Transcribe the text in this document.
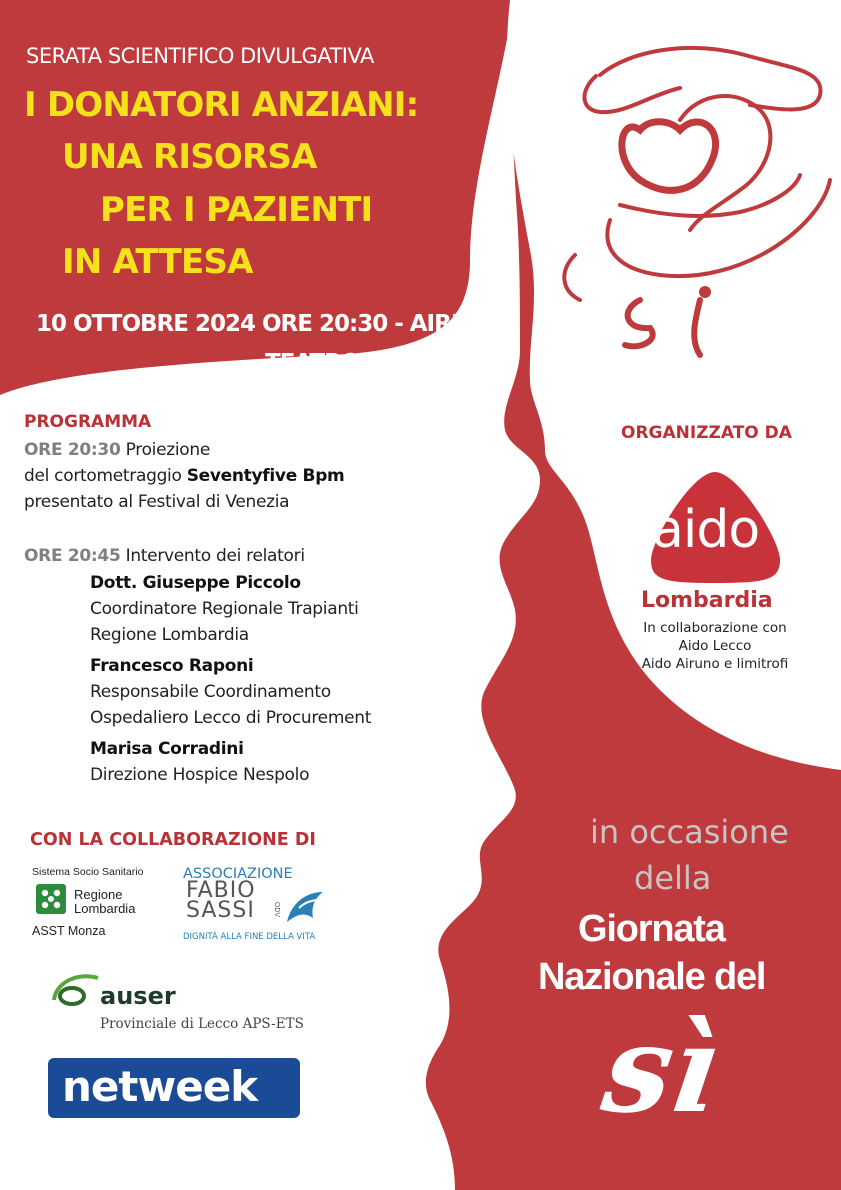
SERATA SCIENTIFICO DIVULGATIVA
I DONATORI ANZIANI:
UNA RISORSA
PER I PAZIENTI
IN ATTESA
10 OTTOBRE 2024 ORE 20:30 - AIRUNO
TEATRO SMERALDO
PROGRAMMA
ORE 20:30 Proiezione
del cortometraggio Seventyfive Bpm
presentato al Festival di Venezia
ORE 20:45 Intervento dei relatori
Dott. Giuseppe Piccolo
Coordinatore Regionale Trapianti
Regione Lombardia
Francesco Raponi
Responsabile Coordinamento
Ospedaliero Lecco di Procurement
Marisa Corradini
Direzione Hospice Nespolo
CON LA COLLABORAZIONE DI
Sistema Socio Sanitario
Regione
Lombardia
ASST Monza
ASSOCIAZIONE
FABIO
SASSI	ODV
DIGNITÀ ALLA FINE DELLA VITA
auser
Provinciale di Lecco APS-ETS
netweek
ORGANIZZATO DA
aido
Lombardia
In collaborazione con
Aido Lecco
Aido Airuno e limitrofi
in occasione
della
Giornata
Nazionale del
sì
